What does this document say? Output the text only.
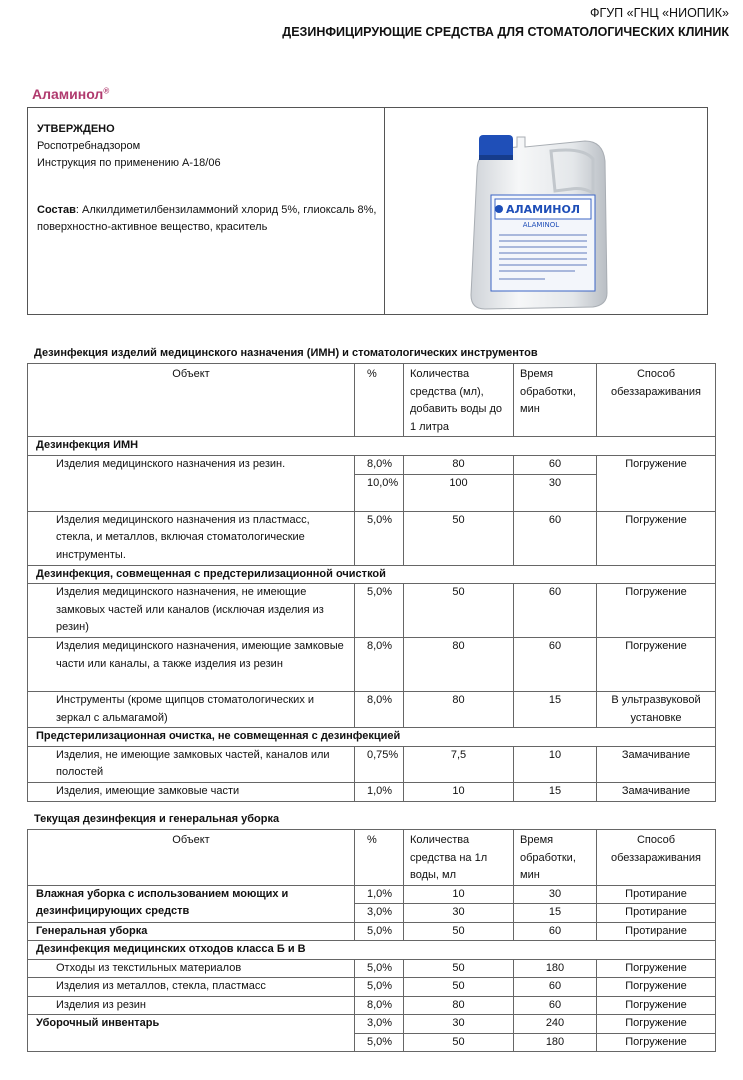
ФГУП «ГНЦ «НИОПИК»
ДЕЗИНФИЦИРУЮЩИЕ СРЕДСТВА ДЛЯ СТОМАТОЛОГИЧЕСКИХ КЛИНИК
Аламинол®
УТВЕРЖДЕНО
Роспотребнадзором
Инструкция по применению А-18/06
Состав: Алкилдиметилбензиламмоний хлорид 5%, глиоксаль 8%, поверхностно-активное вещество, краситель
АЛАМИНОЛ
ALAMINOL
Дезинфекция изделий медицинского назначения (ИМН) и стоматологических инструментов
Объект	%	Количества средства (мл), добавить воды до 1 литра	Время обработки, мин	Способ обеззараживания
Дезинфекция ИМН				
Изделия медицинского назначения из резин.	8,0%	80	60	Погружение
	10,0%	100	30	
Изделия медицинского назначения из пластмасс, стекла, и металлов, включая стоматологические инструменты.	5,0%	50	60	Погружение
Дезинфекция, совмещенная с предстерилизационной очисткой				
Изделия медицинского назначения, не имеющие замковых частей или каналов (исключая изделия из резин)	5,0%	50	60	Погружение
Изделия медицинского назначения, имеющие замковые части или каналы, а также изделия из резин	8,0%	80	60	Погружение
Инструменты (кроме щипцов стоматологических и зеркал с альмагамой)	8,0%	80	15	В ультразвуковой установке
Предстерилизационная очистка, не совмещенная с дезинфекцией				
Изделия, не имеющие замковых частей, каналов или полостей	0,75%	7,5	10	Замачивание
Изделия, имеющие замковые части	1,0%	10	15	Замачивание
Текущая дезинфекция и генеральная уборка
Объект	%	Количества средства на 1л воды, мл	Время обработки, мин	Способ обеззараживания
Влажная уборка с использованием моющих и дезинфицирующих средств	1,0%	10	30	Протирание
	3,0%	30	15	Протирание
Генеральная уборка	5,0%	50	60	Протирание
Дезинфекция медицинских отходов класса Б и В				
Отходы из текстильных материалов	5,0%	50	180	Погружение
Изделия из металлов, стекла, пластмасс	5,0%	50	60	Погружение
Изделия из резин	8,0%	80	60	Погружение
Уборочный инвентарь	3,0%	30	240	Погружение
	5,0%	50	180	Погружение
